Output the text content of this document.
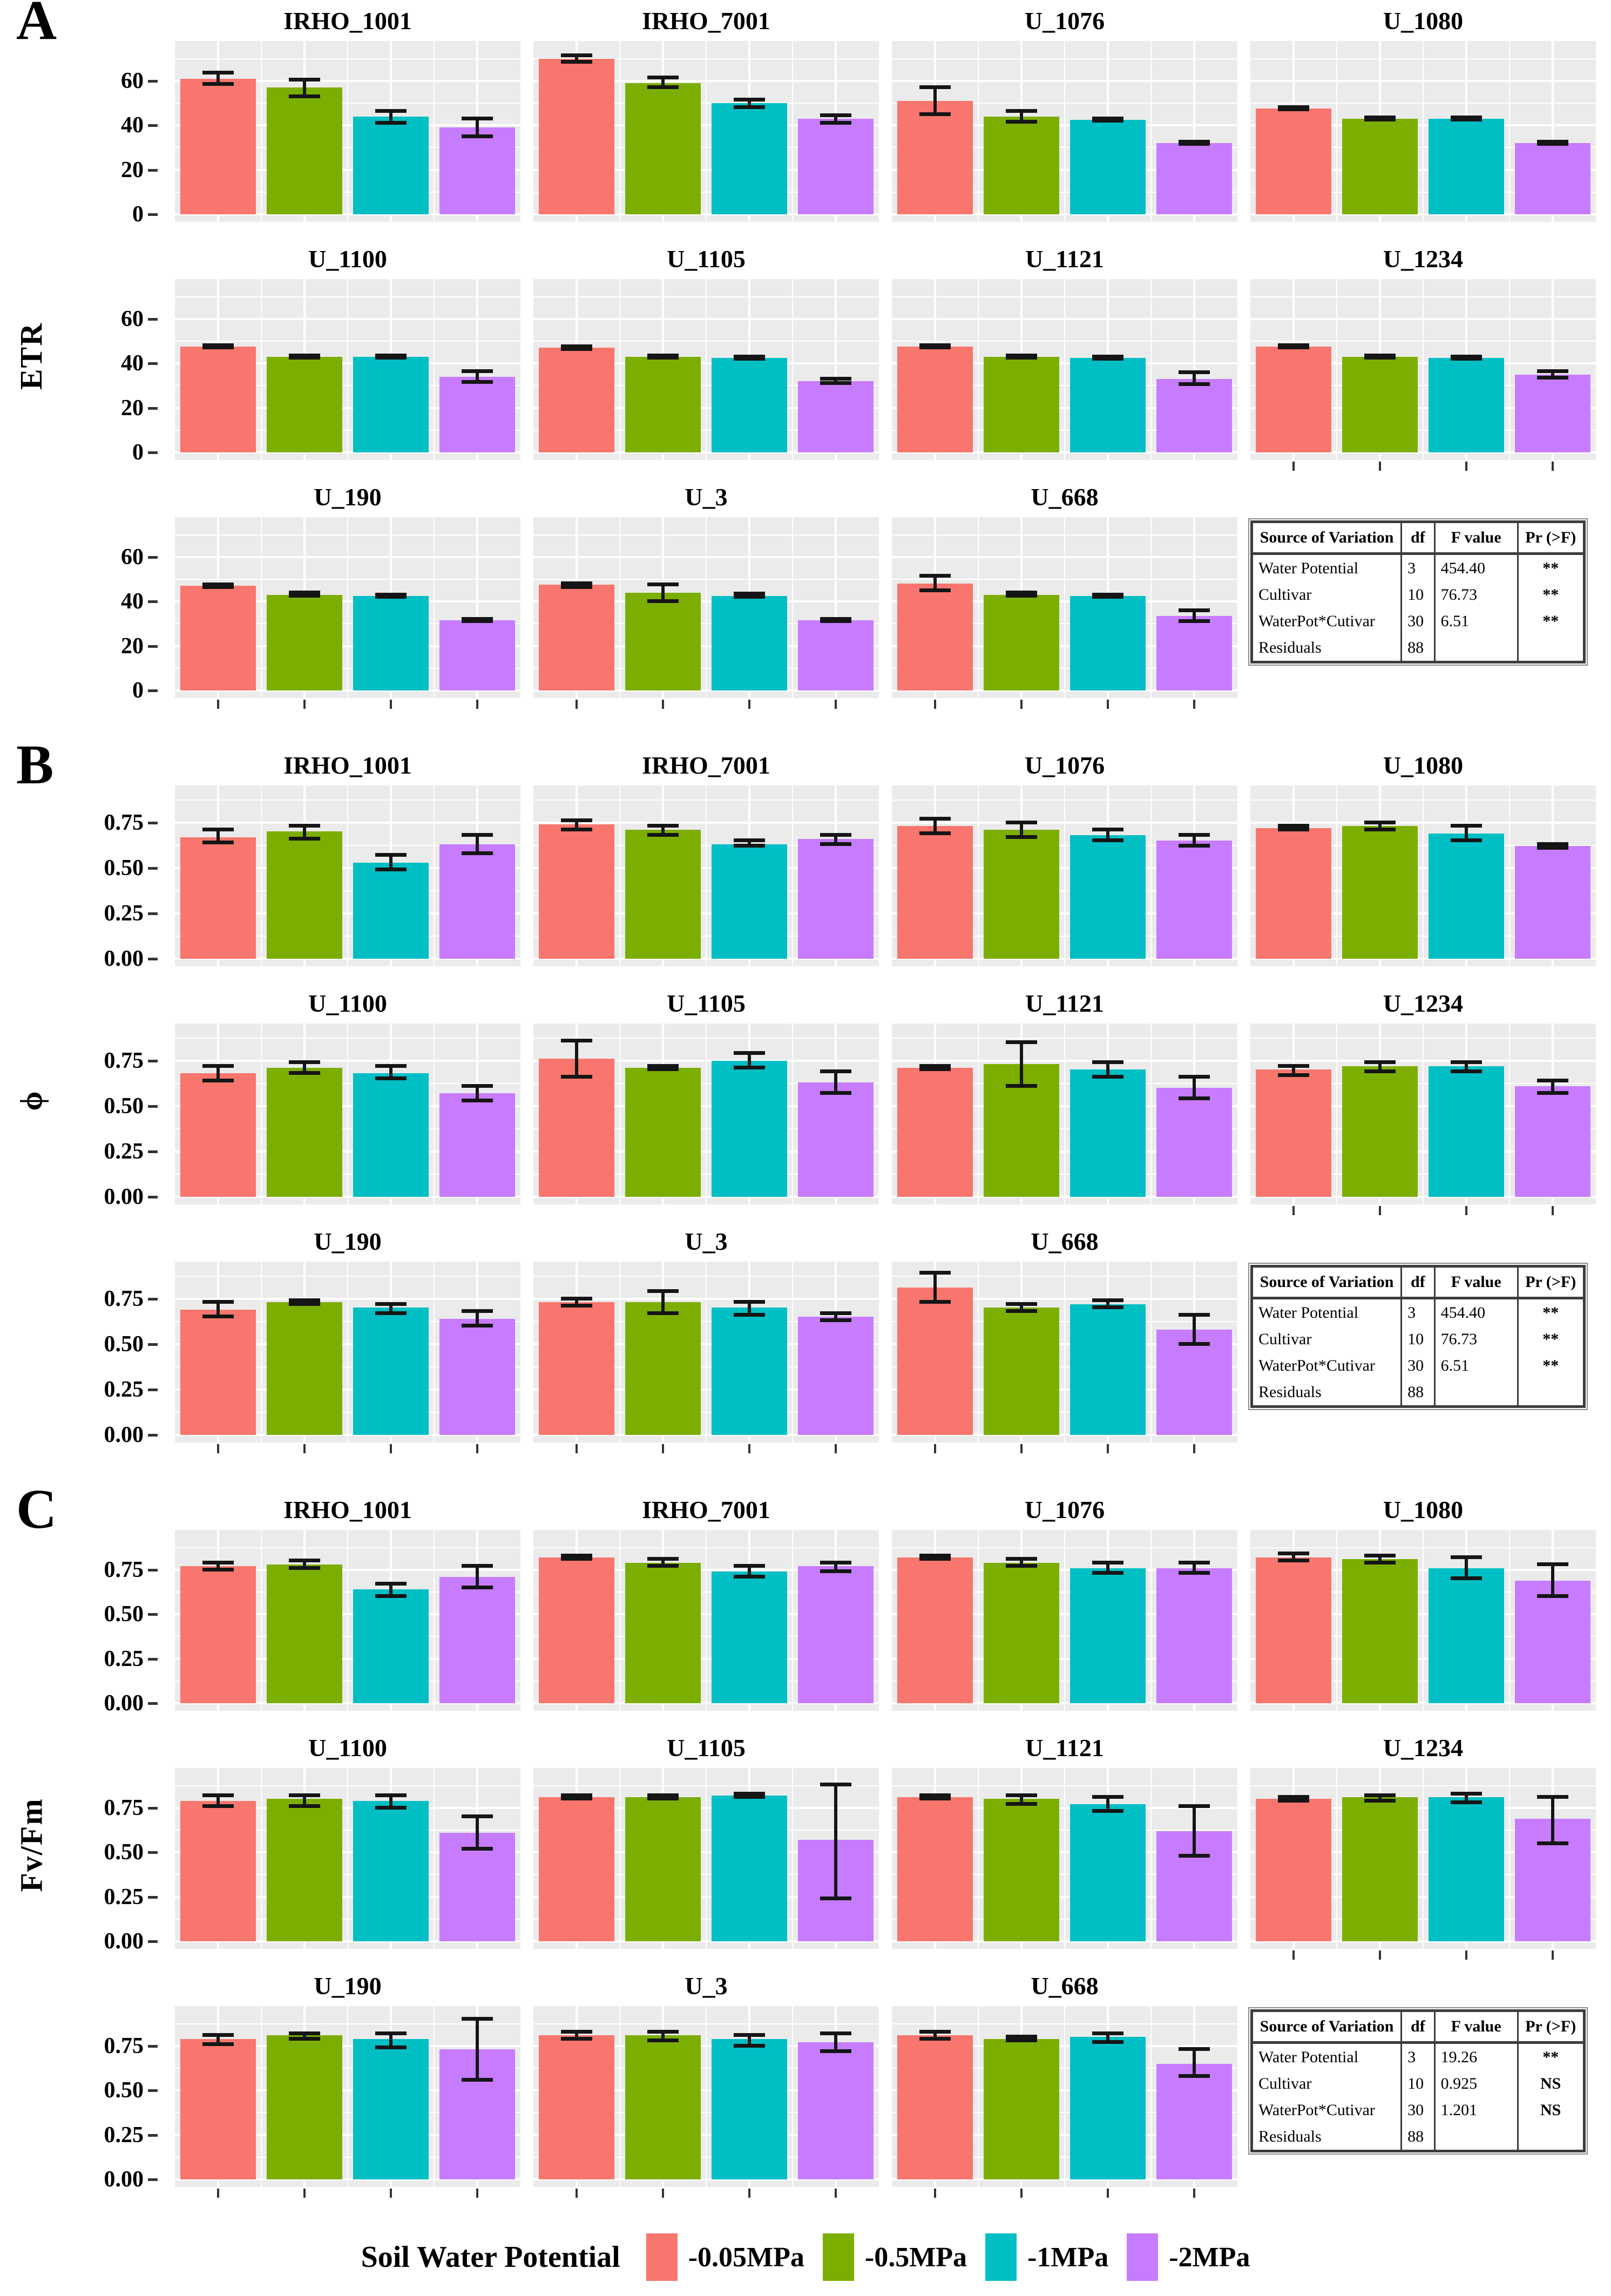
A
ETR
0
20
40
60
IRHO_1001	IRHO_7001	U_1076	U_1080
0
20
40
60
U_1100	U_1105	U_1121	U_1234
0
20
40
60
U_190	U_3	U_668
Source of Variation	df	F value	Pr (>F)
Water Potential	3	454.40	**
Cultivar	10	76.73	**
WaterPot*Cutivar	30	6.51	**
Residuals	88		
B
ϕ
0.00
0.25
0.50
0.75
IRHO_1001	IRHO_7001	U_1076	U_1080
0.00
0.25
0.50
0.75
U_1100	U_1105	U_1121	U_1234
0.00
0.25
0.50
0.75
U_190	U_3	U_668
Source of Variation	df	F value	Pr (>F)
Water Potential	3	454.40	**
Cultivar	10	76.73	**
WaterPot*Cutivar	30	6.51	**
Residuals	88		
C
Fv/Fm
0.00
0.25
0.50
0.75
IRHO_1001	IRHO_7001	U_1076	U_1080
0.00
0.25
0.50
0.75
U_1100	U_1105	U_1121	U_1234
0.00
0.25
0.50
0.75
U_190	U_3	U_668
Source of Variation	df	F value	Pr (>F)
Water Potential	3	19.26	**
Cultivar	10	0.925	NS
WaterPot*Cutivar	30	1.201	NS
Residuals	88		
Soil Water Potential -0.05MPa -0.5MPa -1MPa -2MPa
